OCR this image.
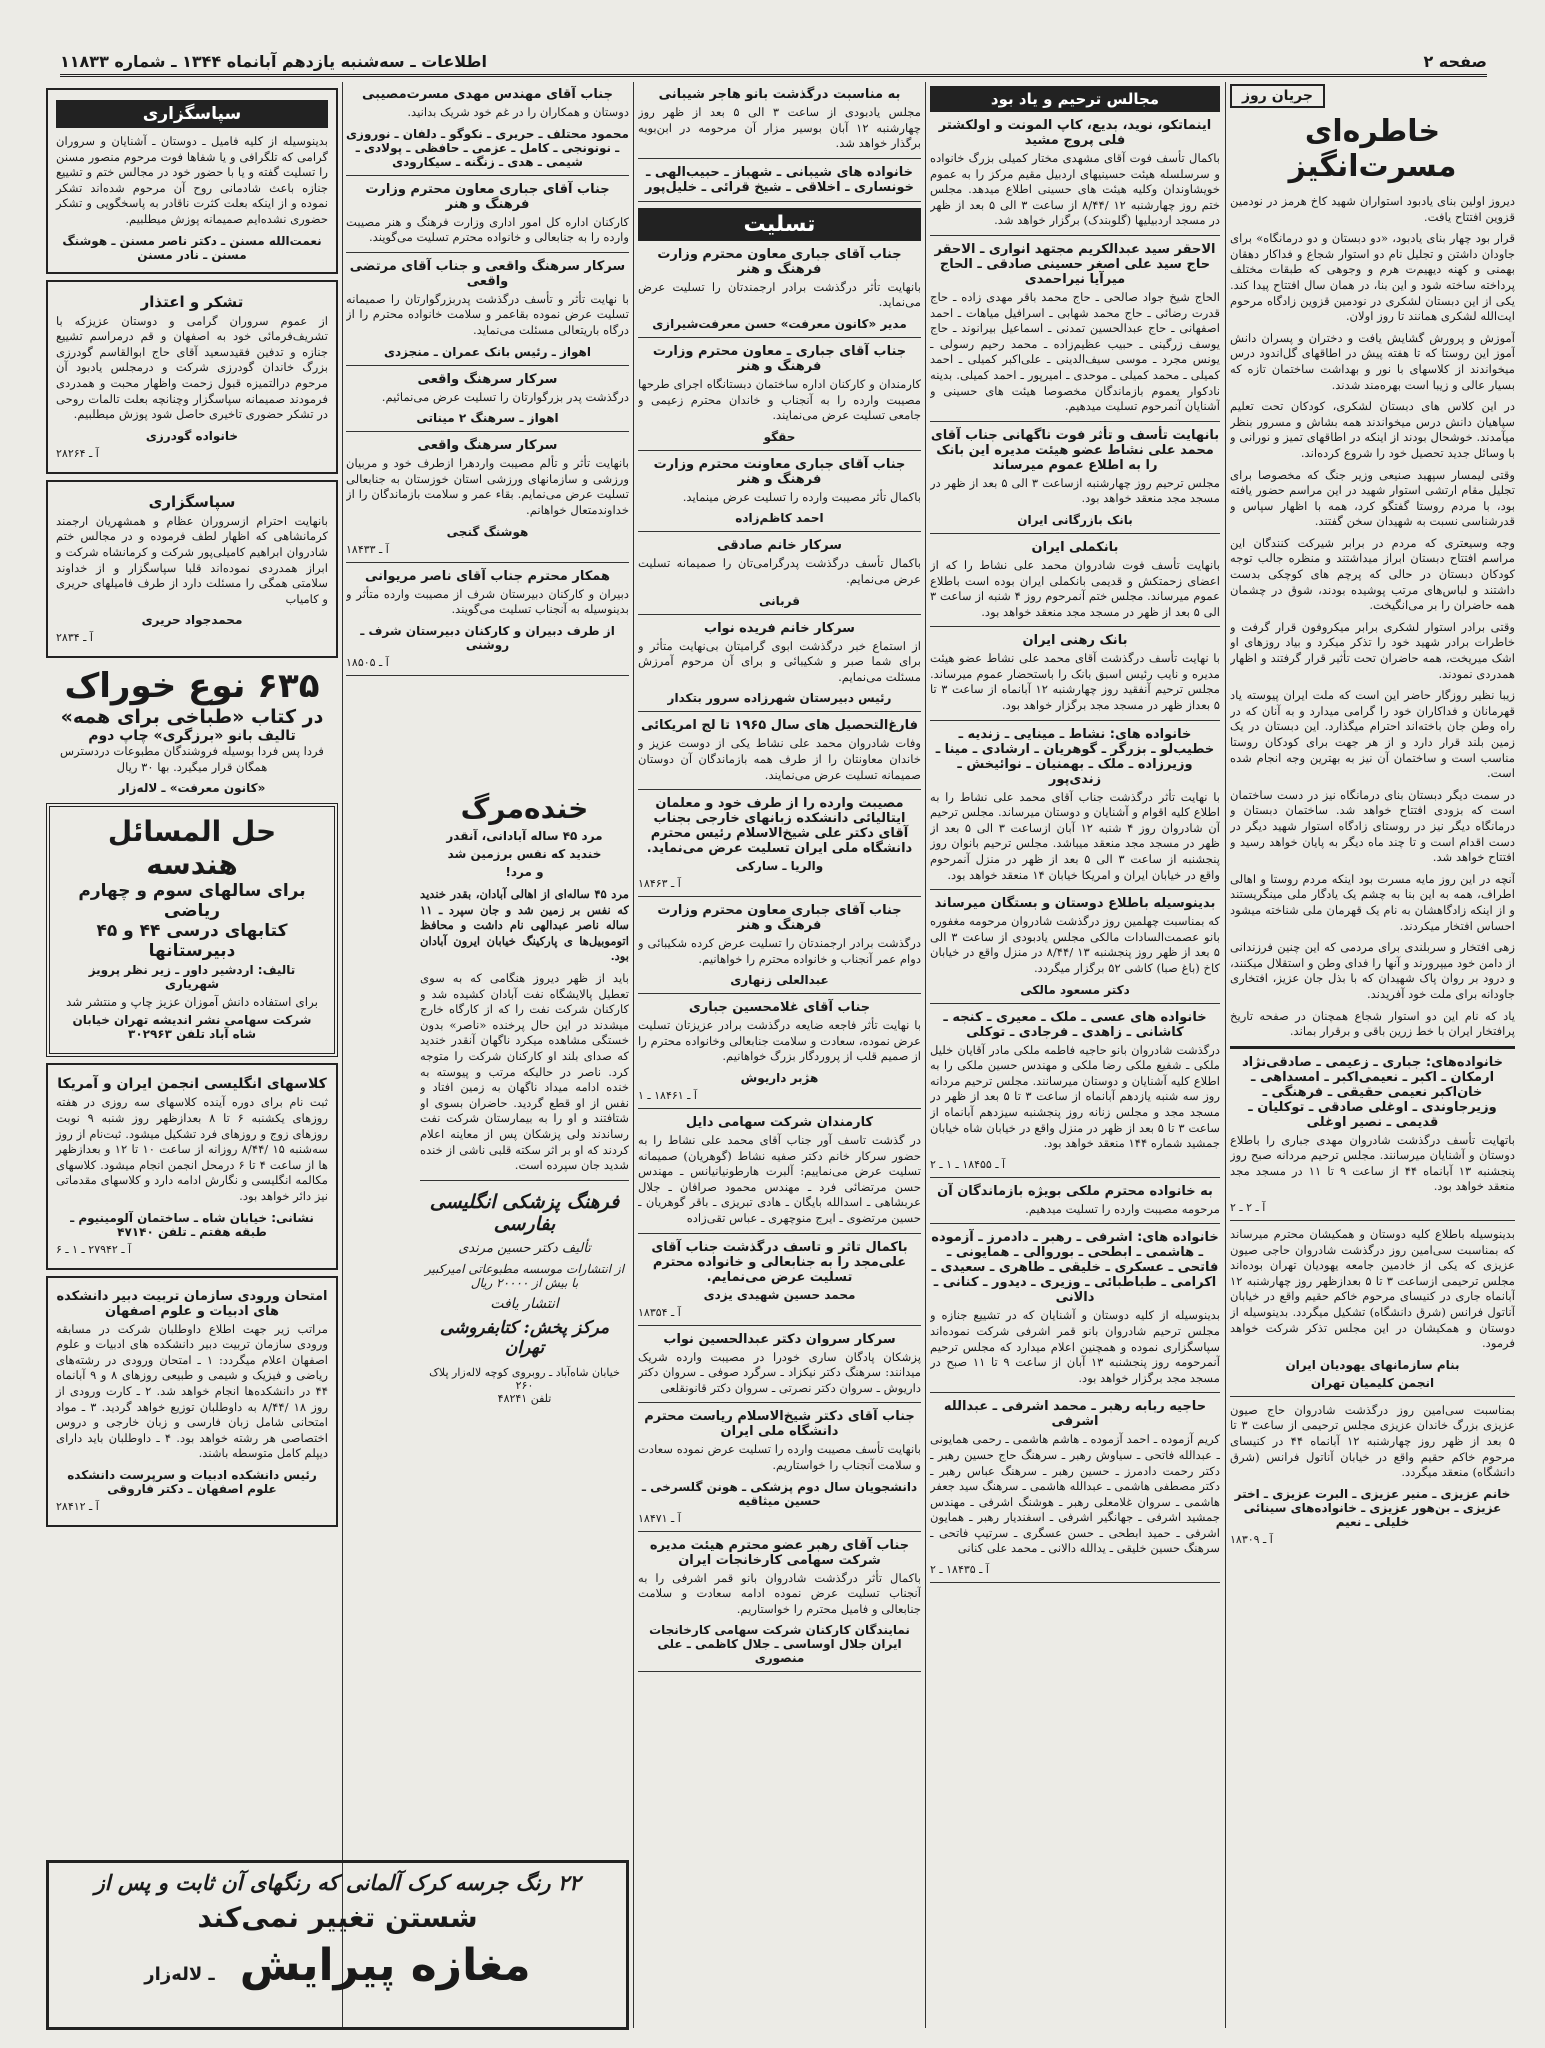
صفحه ۲
اطلاعات ـ سه‌شنبه یازدهم آبانماه ۱۳۴۴ ـ شماره ۱۱۸۳۳
جریان روز
خاطره‌ای مسرت‌انگیز

دیروز اولین بنای یادبود استواران شهید کاخ هرمز در نودمین قزوین افتتاح یافت.

قرار بود چهار بنای یادبود، «دو دبستان و دو درمانگاه» برای جاودان داشتن و تجلیل نام دو استوار شجاع و فداکار دهقان بهمنی و کهنه دیهیم‌ت هرم و وجوهی که طبقات مختلف پرداخته ساخته شود و این بنا، در همان سال افتتاح پیدا کند. یکی از این دبستان لشکری در نودمین قزوین زادگاه مرحوم ایت‌الله لشکری همانند تا روز اولان.

آموزش و پرورش گشایش یافت و دختران و پسران دانش آموز این روستا که تا هفته پیش در اطاقهای گل‌اندود درس میخواندند از کلاسهای با نور و بهداشت ساختمان تازه که بسیار عالی و زیبا است بهره‌مند شدند.

در این کلاس های دبستان لشکری، کودکان تحت تعلیم سپاهیان دانش درس میخواندند همه بشاش و مسرور بنظر میآمدند. خوشحال بودند از اینکه در اطاقهای تمیز و نورانی و با وسائل جدید تحصیل خود را شروع کرده‌اند.

وقتی لیمسار سپهبد صنیعی وزیر جنگ که مخصوصا برای تجلیل مقام ارتشی استوار شهید در این مراسم حضور یافته بود، با مردم روستا گفتگو کرد، همه با اظهار سپاس و قدرشناسی نسبت به شهیدان سخن گفتند.

وجه وسیعتری که مردم در برابر شیرکت کنندگان این مراسم افتتاح دبستان ابراز میداشتند و منظره جالب توجه کودکان دبستان در حالی که پرچم های کوچکی بدست داشتند و لباس‌های مرتب پوشیده بودند، شوق در چشمان همه حاضران را بر می‌انگیخت.

وقتی برادر استوار لشکری برابر میکروفون قرار گرفت و خاطرات برادر شهید خود را تذکر میکرد و بیاد روزهای او اشک میریخت، همه حاضران تحت تأثیر قرار گرفتند و اظهار همدردی نمودند.

زیبا نظیر روزگار حاضر این است که ملت ایران پیوسته یاد قهرمانان و فداکاران خود را گرامی میدارد و به آنان که در راه وطن جان باخته‌اند احترام میگذارد. این دبستان در یک زمین بلند قرار دارد و از هر جهت برای کودکان روستا مناسب است و ساختمان آن نیز به بهترین وجه انجام شده است.

در سمت دیگر دبستان بنای درمانگاه نیز در دست ساختمان است که بزودی افتتاح خواهد شد. ساختمان دبستان و درمانگاه دیگر نیز در روستای زادگاه استوار شهید دیگر در دست اقدام است و تا چند ماه دیگر به پایان خواهد رسید و افتتاح خواهد شد.

آنچه در این روز مایه مسرت بود اینکه مردم روستا و اهالی اطراف، همه به این بنا به چشم یک یادگار ملی مینگریستند و از اینکه زادگاهشان به نام یک قهرمان ملی شناخته میشود احساس افتخار میکردند.

زهی افتخار و سربلندی برای مردمی که این چنین فرزندانی از دامن خود میپرورند و آنها را فدای وطن و استقلال میکنند، و درود بر روان پاک شهیدان که با بذل جان عزیز، افتخاری جاودانه برای ملت خود آفریدند.

یاد که نام این دو استوار شجاع همچنان در صفحه تاریخ پرافتخار ایران با خط زرین باقی و برقرار بماند.

خانواده‌های: جباری ـ زعیمی ـ صادقی‌نژاد ارمکان ـ اکبر ـ نعیمی‌اکبر ـ امسداهی ـ خان‌اکبر نعیمی حقیقی ـ فرهنگی ـ وزیرجاوندی ـ اوغلی صادقی ـ توکلیان ـ قدیمی ـ نصیر اوغلی

باتهایت تأسف درگذشت شادروان مهدی جباری را باطلاع دوستان و آشنایان میرسانند. مجلس ترحیم مردانه صبح روز پنجشنبه ۱۳ آبانماه ۴۴ از ساعت ۹ تا ۱۱ در مسجد مجد منعقد خواهد بود.

آ ـ ۲ ـ ۲

بدینوسیله باطلاع کلیه دوستان و همکیشان محترم میرساند که بمناسبت سی‌امین روز درگذشت شادروان حاجی صیون عزیزی که یکی از خادمین جامعه یهودیان تهران بوده‌اند مجلس ترحیمی ازساعت ۳ تا ۵ بعدازظهر روز چهارشنبه ۱۲ آبانماه جاری در کنیسای مرحوم خاکم حقیم واقع در خیابان آناتول فرانس (شرق دانشگاه) تشکیل میگردد. بدینوسیله از دوستان و همکیشان در این مجلس تذکر شرکت خواهد فرمود.

بنام سازمانهای یهودیان ایران
انجمن کلیمیان تهران

بمناسبت سی‌امین روز درگذشت شادروان حاج صیون عزیزی بزرگ خاندان عزیزی مجلس ترحیمی از ساعت ۳ تا ۵ بعد از ظهر روز چهارشنبه ۱۲ آبانماه ۴۴ در کنیسای مرحوم خاکم حقیم واقع در خیابان آناتول فرانس (شرق دانشگاه) منعقد میگردد.

خانم عزیزی ـ منیر عزیزی ـ البرت عزیزی ـ اختر عزیزی ـ بن‌هور عزیزی ـ خانواده‌های سینائی خلیلی ـ نعیم
آ ـ ۱۸۳۰۹
مجالس ترحیم و یاد بود
اینماتکو، نوید، بدیع، کاپ المونت و اولکشتر فلی پروج مشید

باکمال تأسف فوت آقای مشهدی مختار کمیلی بزرگ خانواده و سرسلسله هیئت حسینیهای اردبیل مقیم مرکز را به عموم خویشاوندان وکلیه هیئت های حسینی اطلاع میدهد. مجلس ختم روز چهارشنبه ۱۲ /۸/۴۴ از ساعت ۳ الی ۵ بعد از ظهر در مسجد اردبیلیها (گلوبندک) برگزار خواهد شد.

الاحقر سید عبدالکریم مجتهد انواری ـ الاحقر حاج سید علی اصغر حسینی صادقی ـ الحاج میرآیا نیراحمدی

الحاج شیخ جواد صالحی ـ حاج محمد باقر مهدی زاده ـ حاج قدرت رضائی ـ حاج محمد شهابی ـ اسرافیل میاهات ـ احمد اصفهانی ـ حاج عبدالحسین تمدنی ـ اسماعیل بیرانوند ـ حاج یوسف زرگینی ـ حبیب عظیم‌زاده ـ محمد رحیم رسولی ـ یونس مجرد ـ موسی سیف‌الدینی ـ علی‌اکبر کمیلی ـ احمد کمیلی ـ محمد کمیلی ـ موحدی ـ امیرپور ـ احمد کمیلی. بدینه نادکوار یعموم بازماندگان مخصوصا هیئت های حسینی و آشنایان آنمرحوم تسلیت میدهیم.

بانهایت تأسف و تأثر فوت ناگهانی جناب آقای محمد علی نشاط عضو هیئت مدیره این بانک را به اطلاع عموم میرساند

مجلس ترحیم روز چهارشنبه ازساعت ۳ الی ۵ بعد از ظهر در مسجد مجد منعقد خواهد بود.

بانک بازرگانی ایران
بانکملی ایران

بانهایت تأسف فوت شادروان محمد علی نشاط را که از اعضای زحمتکش و قدیمی بانکملی ایران بوده است باطلاع عموم میرساند. مجلس ختم آنمرحوم روز ۴ شنبه از ساعت ۳ الی ۵ بعد از ظهر در مسجد مجد منعقد خواهد بود.

بانک رهنی ایران

با نهایت تأسف درگذشت آقای محمد علی نشاط عضو هیئت مدیره و نایب رئیس اسبق بانک را باستحضار عموم میرساند. مجلس ترحیم آنفقید روز چهارشنبه ۱۲ آبانماه از ساعت ۳ تا ۵ بعداز ظهر در مسجد مجد برگزار خواهد بود.

خانواده های: نشاط ـ مینایی ـ زندیه ـ خطیب‌لو ـ بزرگر ـ گوهریان ـ ارشادی ـ مینا ـ وزیرزاده ـ ملک ـ بهمنیان ـ نوائیخش ـ زندی‌پور

با نهایت تأثر درگذشت جناب آقای محمد علی نشاط را به اطلاع کلیه اقوام و آشنایان و دوستان میرساند. مجلس ترحیم آن شادروان روز ۴ شنبه ۱۲ آبان ازساعت ۳ الی ۵ بعد از ظهر در مسجد مجد منعقد میباشد. مجلس ترحیم بانوان روز پنجشنبه از ساعت ۳ الی ۵ بعد از ظهر در منزل آنمرحوم واقع در خیابان ایران و امریکا خیابان ۱۴ منعقد خواهد بود.

بدینوسیله باطلاع دوستان و بستگان میرساند

که بمناسبت چهلمین روز درگذشت شادروان مرحومه مغفوره بانو عصمت‌السادات مالکی مجلس یادبودی از ساعت ۳ الی ۵ بعد از ظهر روز پنجشنبه ۱۳ /۸/۴۴ در منزل واقع در خیابان کاخ (باغ صبا) کاشی ۵۲ برگزار میگردد.

دکتر مسعود مالکی
خانواده های عسی ـ ملک ـ معیری ـ کنجه ـ کاشانی ـ زاهدی ـ فرجادی ـ توکلی

درگذشت شادروان بانو حاجیه فاطمه ملکی مادر آقایان خلیل ملکی ـ شفیع ملکی رضا ملکی و مهندس حسین ملکی را به اطلاع کلیه آشنایان و دوستان میرسانند. مجلس ترحیم مردانه روز سه شنبه یازدهم آبانماه از ساعت ۳ تا ۵ بعد از ظهر در مسجد مجد و مجلس زنانه روز پنجشنبه سیزدهم آبانماه از ساعت ۳ تا ۵ بعد از ظهر در منزل واقع در خیابان شاه خیابان جمشید شماره ۱۴۴ منعقد خواهد بود.

آ ـ ۱۸۴۵۵ ـ ۱ ـ ۲
به خانواده محترم ملکی بویژه بازماندگان آن

مرحومه مصیبت وارده را تسلیت میدهیم.

خانواده های: اشرفی ـ رهبر ـ دادمرز ـ آزموده ـ هاشمی ـ ابطحی ـ بوروالی ـ همایونی ـ فاتحی ـ عسکری ـ خلیقی ـ طاهری ـ سعیدی ـ اکرامی ـ طباطبائی ـ وزیری ـ دیدور ـ کنانی ـ دالانی

بدینوسیله از کلیه دوستان و آشنایان که در تشییع جنازه و مجلس ترحیم شادروان بانو قمر اشرفی شرکت نموده‌اند سپاسگزاری نموده و همچنین اعلام میدارد که مجلس ترحیم آنمرحومه روز پنجشنبه ۱۳ آبان از ساعت ۹ تا ۱۱ صبح در مسجد مجد برگزار خواهد بود.

حاجیه ربابه رهبر ـ محمد اشرفی ـ عبدالله اشرفی

کریم آزموده ـ احمد آزموده ـ هاشم هاشمی ـ رحمی همایونی ـ عبدالله فاتحی ـ سیاوش رهبر ـ سرهنگ حاج حسین رهبر ـ دکتر رحمت دادمرز ـ حسین رهبر ـ سرهنگ عباس رهبر ـ دکتر مصطفی هاشمی ـ عبدالله هاشمی ـ سرهنگ سید جعفر هاشمی ـ سروان غلامعلی رهبر ـ هوشنگ اشرفی ـ مهندس جمشید اشرفی ـ جهانگیر اشرفی ـ اسفندیار رهبر ـ همایون اشرفی ـ حمید ابطحی ـ حسن عسگری ـ سرتیپ فاتحی ـ سرهنگ حسین خلیقی ـ یدالله دالانی ـ محمد علی کنانی

آ ـ ۱۸۴۳۵ ـ ۲
به مناسبت درگذشت بانو هاجر شیبانی

مجلس یادبودی از ساعت ۳ الی ۵ بعد از ظهر روز چهارشنبه ۱۲ آبان بوسیر مزار آن مرحومه در ابن‌بویه برگذار خواهد شد.

خانواده های شیبانی ـ شهباز ـ حبیب‌الهی ـ خونساری ـ اخلاقی ـ شیخ قرائی ـ خلیل‌پور
تسلیت
جناب آقای جباری معاون محترم وزارت فرهنگ و هنر

بانهایت تأثر درگذشت برادر ارجمندتان را تسلیت عرض می‌نماید.

مدیر «کانون معرفت» حسن معرفت‌شیرازی
جناب آقای جباری ـ معاون محترم وزارت فرهنگ و هنر

کارمندان و کارکنان اداره ساختمان دبستانگاه اجرای طرحها مصیبت وارده را به آنجناب و خاندان محترم زعیمی و جامعی تسلیت عرض می‌نمایند.

حقگو
جناب آقای جباری معاونت محترم وزارت فرهنگ و هنر

باکمال تأثر مصیبت وارده را تسلیت عرض مینماید.

احمد کاظم‌زاده
سرکار خانم صادقی

باکمال تأسف درگذشت پدرگرامی‌تان را صمیمانه تسلیت عرض می‌نمایم.

قربانی
سرکار خانم فریده نواب

از استماع خبر درگذشت ابوی گرامیتان بی‌نهایت متأثر و برای شما صبر و شکیبائی و برای آن مرحوم آمرزش مسئلت می‌نمایم.

رئیس دبیرستان شهرزاده سرور بتکدار
فارغ‌التحصیل های سال ۱۹۶۵ تا لج امریکائی

وفات شادروان محمد علی نشاط یکی از دوست عزیز و خاندان معاونتان را از طرف همه بازماندگان آن دوستان صمیمانه تسلیت عرض می‌نمایند.

مصیبت وارده را از طرف خود و معلمان ایتالیائی دانشکده زبانهای خارجی بجناب آقای دکتر علی شیخ‌الاسلام رئیس محترم دانشگاه ملی ایران تسلیت عرض می‌نماید.
والریا ـ سارکی
آ ـ ۱۸۴۶۳
جناب آقای جباری معاون محترم وزارت فرهنگ و هنر

درگذشت برادر ارجمندتان را تسلیت عرض کرده شکیبائی و دوام عمر آنجناب و خانواده محترم را خواهانیم.

عبدالعلی زنهاری
جناب آقای غلامحسین جباری

با نهایت تأثر فاجعه ضایعه درگذشت برادر عزیزتان تسلیت عرض نموده، سعادت و سلامت جنابعالی وخانواده محترم را از صمیم قلب از پروردگار بزرگ خواهانیم.

هژبر داریوش
آ ـ ۱۸۴۶۱ ـ ۱
کارمندان شرکت سهامی دایل

در گذشت تاسف آور جناب آقای محمد علی نشاط را به حضور سرکار خانم دکتر صفیه نشاط (گوهریان) صمیمانه تسلیت عرض می‌نماییم: آلبرت هارطونیانیانس ـ مهندس حسن مرتضائی فرد ـ مهندس محمود صرافان ـ جلال عربشاهی ـ اسدالله بایگان ـ هادی تبریزی ـ باقر گوهریان ـ حسین مرتضوی ـ ایرج منوچهری ـ عباس تقی‌زاده

باکمال تاثر و تاسف درگذشت جناب آقای علی‌مجد را به جنابعالی و خانواده محترم تسلیت عرض می‌نمایم.
محمد حسین شهیدی یزدی
آ ـ ۱۸۳۵۴
سرکار سروان دکتر عبدالحسین نواب

پزشکان پادگان ساری خودرا در مصیبت وارده شریک میدانند: سرهنگ دکتر نیکزاد ـ سرگرد صوفی ـ سروان دکتر داریوش ـ سروان دکتر نصرتی ـ سروان دکتر قانونقلعی

جناب آقای دکتر شیخ‌الاسلام ریاست محترم دانشگاه ملی ایران

بانهایت تأسف مصیبت وارده را تسلیت عرض نموده سعادت و سلامت آنجناب را خواستاریم.

دانشجویان سال دوم پزشکی ـ هونن گلسرخی ـ حسین میثاقیه
آ ـ ۱۸۴۷۱
جناب آقای رهبر عضو محترم هیئت مدیره شرکت سهامی کارخانجات ایران

باکمال تأثر درگذشت شادروان بانو قمر اشرفی را به آنجناب تسلیت عرض نموده ادامه سعادت و سلامت جنابعالی و فامیل محترم را خواستاریم.

نمایندگان کارکنان شرکت سهامی کارخانجات ایران جلال اوساسی ـ جلال کاظمی ـ علی منصوری
جناب آقای مهندس مهدی مسرت‌مصیبی

دوستان و همکاران را در غم خود شریک بدانید.

محمود محتلف ـ حریری ـ نکوگو ـ دلفان ـ نوروزی ـ نونونجی ـ کامل ـ عزمی ـ حافظی ـ پولادی ـ شیمی ـ هدی ـ زنگنه ـ سیکارودی
جناب آقای جباری معاون محترم وزارت فرهنگ و هنر

کارکنان اداره کل امور اداری وزارت فرهنگ و هنر مصیبت وارده را به جنابعالی و خانواده محترم تسلیت می‌گویند.

سرکار سرهنگ واقعی و جناب آقای مرتضی واقعی

با نهایت تأثر و تأسف درگذشت پدربزرگوارتان را صمیمانه تسلیت عرض نموده بقاعمر و سلامت خانواده محترم را از درگاه باریتعالی مسئلت می‌نماید.

اهواز ـ رئیس بانک عمران ـ منجزدی
سرکار سرهنگ واقعی

درگذشت پدر بزرگوارتان را تسلیت عرض می‌نمائیم.

اهواز ـ سرهنگ ۲ میناتی
سرکار سرهنگ واقعی

بانهایت تأثر و تألم مصیبت واردهرا ازطرف خود و مربیان ورزشی و سازمانهای ورزشی استان خوزستان به جنابعالی تسلیت عرض می‌نمایم. بقاء عمر و سلامت بازماندگان را از خداوندمتعال خواهانم.

هوشنگ گنجی
آ ـ ۱۸۴۳۳
همکار محترم جناب آقای ناصر مریوانی

دبیران و کارکنان دبیرستان شرف از مصیبت وارده متأثر و بدینوسیله به آنجناب تسلیت می‌گویند.

از طرف دبیران و کارکنان دبیرستان شرف ـ روشنی
آ ـ ۱۸۵۰۵
خنده‌مرگ
مرد ۴۵ ساله آبادانی، آنقدر
خندید که نفس برزمین شد
و مرد!

مرد ۴۵ ساله‌ای از اهالی آبادان، بقدر خندید که نفس بر زمین شد و جان سپرد ـ ۱۱ ساله ناصر عبدالهی نام داشت و محافظ اتوموبیل‌ها ی پارکینگ خیابان ایرون آبادان بود.

باید از ظهر دیروز هنگامی که به سوی تعطیل پالایشگاه نفت آبادان کشیده شد و کارکنان شرکت نفت را که از کارگاه خارج میشدند در این حال پرخنده «ناصر» بدون خستگی مشاهده میکرد ناگهان آنقدر خندید که صدای بلند او کارکنان شرکت را متوجه کرد. ناصر در حالیکه مرتب و پیوسته به خنده ادامه میداد ناگهان به زمین افتاد و نفس از او قطع گردید. حاضران بسوی او شتافتند و او را به بیمارستان شرکت نفت رساندند ولی پزشکان پس از معاینه اعلام کردند که او بر اثر سکته قلبی ناشی از خنده شدید جان سپرده است.

فرهنگ پزشکی انگلیسی بفارسی
تألیف دکتر حسین مرندی
از انتشارات موسسه مطبوعاتی امیرکبیر
با بیش از ۲۰۰۰۰ ریال
انتشار یافت
مرکز پخش: کتابفروشی تهران
خیابان شاه‌آباد ـ روبروی کوچه لاله‌زار پلاک ۲۶۰
تلفن ۴۸۲۴۱
سپاسگزاری

بدینوسیله از کلیه فامیل ـ دوستان ـ آشنایان و سروران گرامی که تلگرافی و یا شفاها فوت مرحوم منصور مسنن را تسلیت گفته و یا با حضور خود در مجالس ختم و تشییع جنازه باعث شادمانی روح آن مرحوم شده‌اند تشکر نموده و از اینکه بعلت کثرت ناقادر به پاسخگویی و تشکر حضوری نشده‌ایم صمیمانه پوزش میطلبیم.

نعمت‌الله مسنن ـ دکتر ناصر مسنن ـ هوشنگ مسنن ـ نادر مسنن
تشکر و اعتذار

از عموم سروران گرامی و دوستان عزیزکه با تشریف‌فرمائی خود به اصفهان و قم درمراسم تشییع جنازه و تدفین فقیدسعید آقای حاج ابوالقاسم گودرزی بزرگ خاندان گودرزی شرکت و درمجلس یادبود آن مرحوم درالتمیزه قبول زحمت واظهار محبت و همدردی فرمودند صمیمانه سپاسگزار وچنانچه بعلت تالمات روحی در تشکر حضوری تاخیری حاصل شود پوزش میطلبیم.

خانواده گودرزی
آ ـ ۲۸۲۶۴
سپاسگزاری

بانهایت احترام ازسروران عظام و همشهریان ارجمند کرمانشاهی که اظهار لطف فرموده و در مجالس ختم شادروان ابراهیم کامیلی‌پور شرکت و کرمانشاه شرکت و ابراز همدردی نموده‌اند قلبا سپاسگزار و از خداوند سلامتی همگی را مسئلت دارد از طرف فامیلهای حریری و کامیاب

محمدجواد حریری
آ ـ ۲۸۳۴
۶۳۵ نوع خوراک
در کتاب «طباخی برای همه»
تالیف بانو «برزگری» چاپ دوم

فردا پس فردا بوسیله فروشندگان مطبوعات دردسترس همگان قرار میگیرد. بها ۳۰ ریال

«کانون معرفت» ـ لاله‌زار
حل المسائل هندسه
برای سالهای سوم و چهارم ریاضی
کتابهای درسی ۴۴ و ۴۵ دبیرستانها
تالیف: اردشیر داور ـ زیر نظر پرویز شهریاری
برای استفاده دانش آموزان عزیز چاپ و منتشر شد
شرکت سهامی نشر اندیشه تهران خیابان شاه آباد تلفن ۳۰۲۹۶۳
کلاسهای انگلیسی انجمن ایران و آمریکا

ثبت نام برای دوره آینده کلاسهای سه روزی در هفته روزهای یکشنبه ۶ تا ۸ بعدازظهر روز شنبه ۹ نوبت روزهای زوج و روزهای فرد تشکیل میشود. ثبت‌نام از روز سه‌شنبه ۱۵ /۸/۴۴ روزانه از ساعت ۱۰ تا ۱۲ و بعدازظهر ها از ساعت ۴ تا ۶ درمحل انجمن انجام میشود. کلاسهای مکالمه انگلیسی و نگارش ادامه دارد و کلاسهای مقدماتی نیز دائر خواهد بود.

نشانی: خیابان شاه ـ ساختمان آلومینیوم ـ طبقه هفتم ـ تلفن ۴۷۱۴۰
آ ـ ۲۷۹۴۲ ـ ۱ ـ ۶
امتحان ورودی سازمان تربیت دبیر دانشکده های ادبیات و علوم اصفهان

مراتب زیر جهت اطلاع داوطلبان شرکت در مسابقه ورودی سازمان تربیت دبیر دانشکده های ادبیات و علوم اصفهان اعلام میگردد: ۱ ـ امتحان ورودی در رشته‌های ریاضی و فیزیک و شیمی و طبیعی روزهای ۸ و ۹ آبانماه ۴۴ در دانشکده‌ها انجام خواهد شد. ۲ ـ کارت ورودی از روز ۱۸ /۸/۴۴ به داوطلبان توزیع خواهد گردید. ۳ ـ مواد امتحانی شامل زبان فارسی و زبان خارجی و دروس اختصاصی هر رشته خواهد بود. ۴ ـ داوطلبان باید دارای دیپلم کامل متوسطه باشند.

رئیس دانشکده ادبیات و سرپرست دانشکده علوم اصفهان ـ دکتر فاروقی
آ ـ ۲۸۴۱۲
۲۲ رنگ جرسه کرک آلمانی که رنگهای آن ثابت و پس از
شستن تغییر نمی‌کند
مغازه پیرایش ـ لاله‌زار
